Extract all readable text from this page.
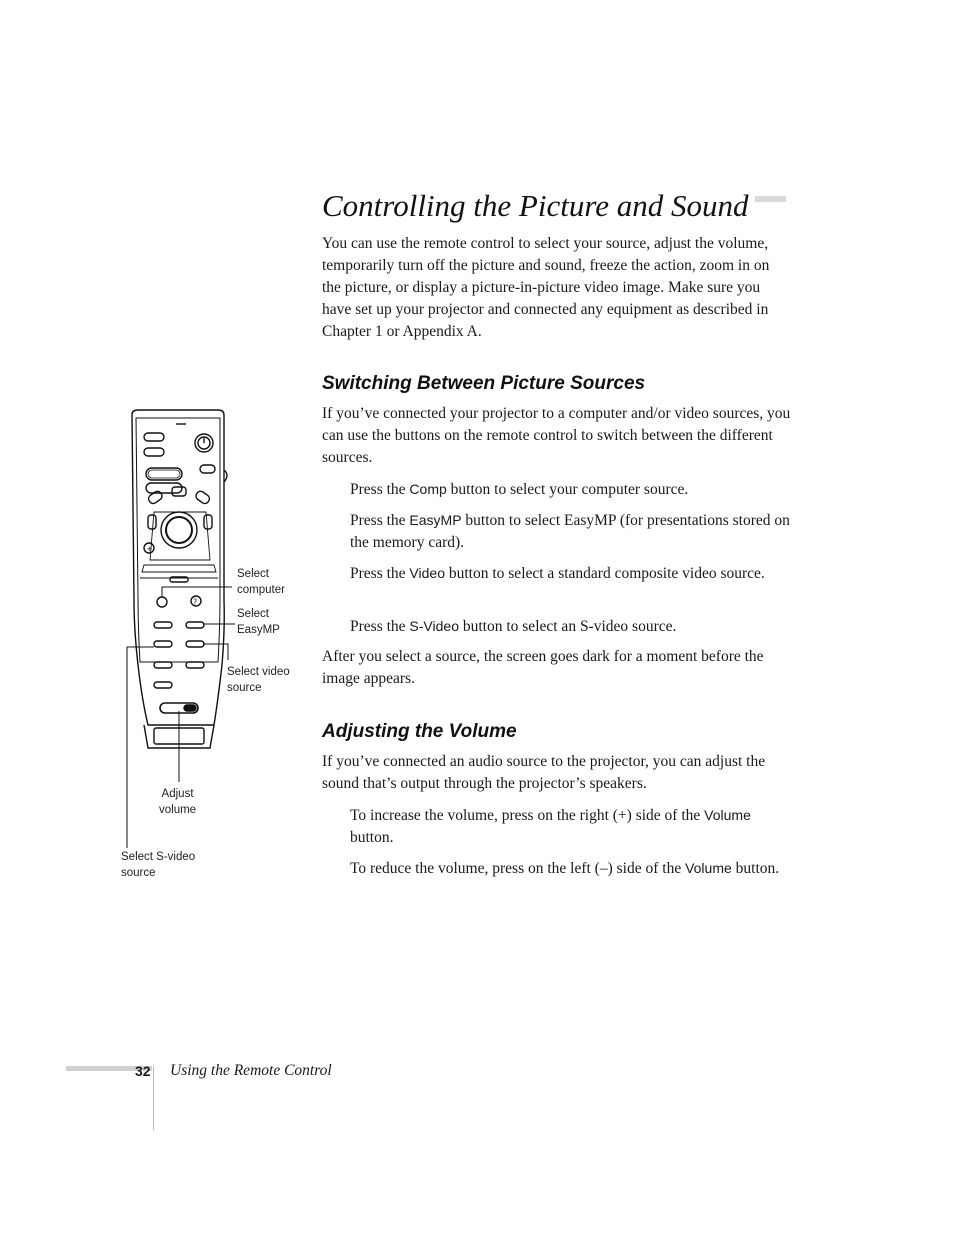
Controlling the Picture and Sound

You can use the remote control to select your source, adjust the volume, temporarily turn off the picture and sound, freeze the action, zoom in on the picture, or display a picture-in-picture video image. Make sure you have set up your projector and connected any equipment as described in Chapter 1 or Appendix A.

Switching Between Picture Sources

If you’ve connected your projector to a computer and/or video sources, you can use the buttons on the remote control to switch between the different sources.

Press the Comp button to select your computer source.

Press the EasyMP button to select EasyMP (for presentations stored on the memory card).

Press the Video button to select a standard composite video source.

Press the S-Video button to select an S-video source.

After you select a source, the screen goes dark for a moment before the image appears.

Adjusting the Volume

If you’ve connected an audio source to the projector, you can adjust the sound that’s output through the projector’s speakers.

To increase the volume, press on the right (+) side of the Volume button.

To reduce the volume, press on the left (–) side of the Volume button.

+
?
Select
computer
Select
EasyMP
Select video
source
Adjust
volume
Select S-video
source
32 Using the Remote Control
